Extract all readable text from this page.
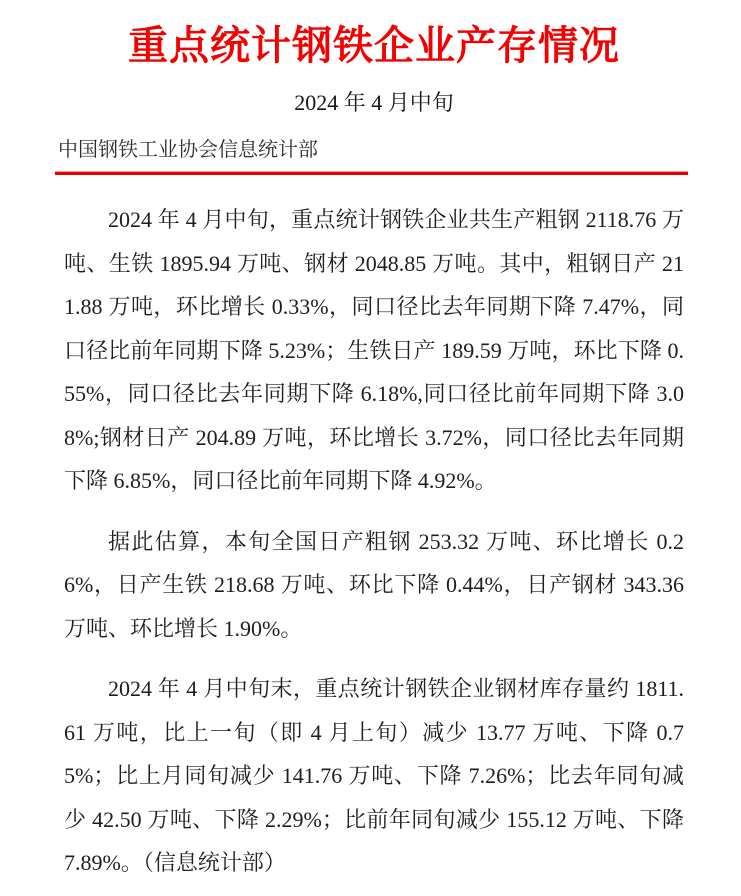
重点统计钢铁企业产存情况
2024 年 4 月中旬
中国钢铁工业协会信息统计部

2024 年 4 月中旬，重点统计钢铁企业共生产粗钢 2118.76 万吨、生铁 1895.94 万吨、钢材 2048.85 万吨。其中，粗钢日产 211.88 万吨，环比增长 0.33%，同口径比去年同期下降 7.47%，同口径比前年同期下降 5.23%；生铁日产 189.59 万吨，环比下降 0.55%，同口径比去年同期下降 6.18%,同口径比前年同期下降 3.08%;钢材日产 204.89 万吨，环比增长 3.72%，同口径比去年同期下降 6.85%，同口径比前年同期下降 4.92%。

据此估算，本旬全国日产粗钢 253.32 万吨、环比增长 0.26%，日产生铁 218.68 万吨、环比下降 0.44%，日产钢材 343.36 万吨、环比增长 1.90%。

2024 年 4 月中旬末，重点统计钢铁企业钢材库存量约 1811.61 万吨，比上一旬（即 4 月上旬）减少 13.77 万吨、下降 0.75%；比上月同旬减少 141.76 万吨、下降 7.26%；比去年同旬减少 42.50 万吨、下降 2.29%；比前年同旬减少 155.12 万吨、下降 7.89%。（信息统计部）
